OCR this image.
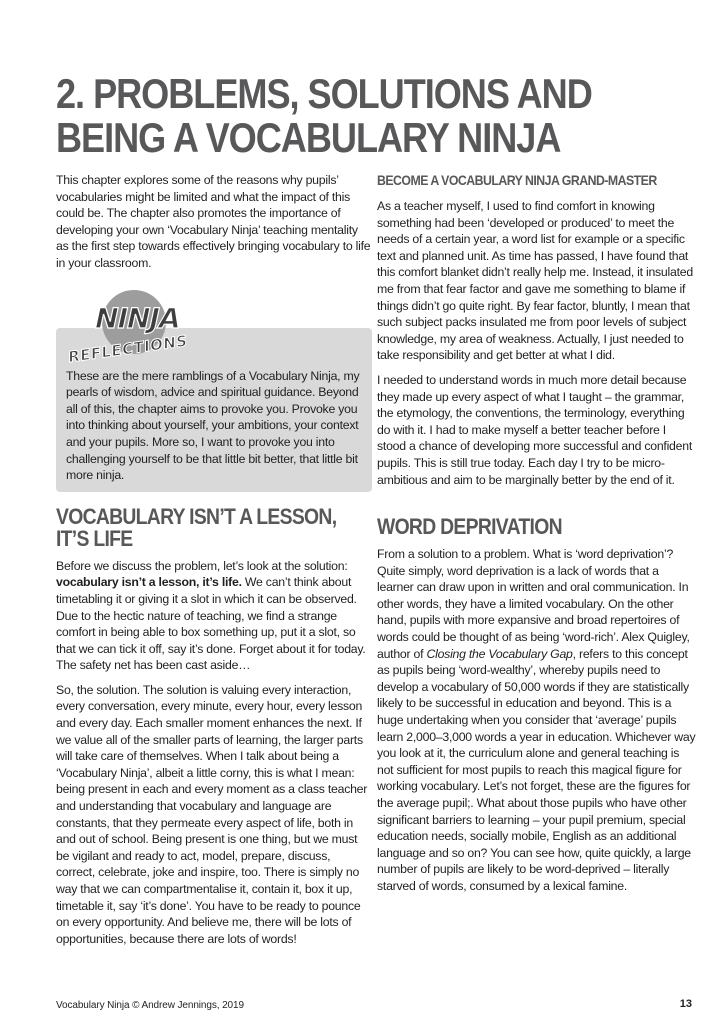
2. PROBLEMS, SOLUTIONS AND
BEING A VOCABULARY NINJA

This chapter explores some of the reasons why pupils’ vocabularies might be limited and what the impact of this could be. The chapter also promotes the importance of developing your own ‘Vocabulary Ninja’ teaching mentality as the first step towards effectively bringing vocabulary to life in your classroom.

NINJA
REFLECTIONS

These are the mere ramblings of a Vocabulary Ninja, my pearls of wisdom, advice and spiritual guidance. Beyond all of this, the chapter aims to provoke you. Provoke you into thinking about yourself, your ambitions, your context and your pupils. More so, I want to provoke you into challenging yourself to be that little bit better, that little bit more ninja.

VOCABULARY ISN’T A LESSON,
IT’S LIFE

Before we discuss the problem, let’s look at the solution: vocabulary isn’t a lesson, it’s life. We can’t think about timetabling it or giving it a slot in which it can be observed. Due to the hectic nature of teaching, we find a strange comfort in being able to box something up, put it a slot, so that we can tick it off, say it’s done. Forget about it for today. The safety net has been cast aside…

So, the solution. The solution is valuing every interaction, every conversation, every minute, every hour, every lesson and every day. Each smaller moment enhances the next. If we value all of the smaller parts of learning, the larger parts will take care of themselves. When I talk about being a ‘Vocabulary Ninja’, albeit a little corny, this is what I mean: being present in each and every moment as a class teacher and understanding that vocabulary and language are constants, that they permeate every aspect of life, both in and out of school. Being present is one thing, but we must be vigilant and ready to act, model, prepare, discuss, correct, celebrate, joke and inspire, too. There is simply no way that we can compartmentalise it, contain it, box it up, timetable it, say ‘it’s done’. You have to be ready to pounce on every opportunity. And believe me, there will be lots of opportunities, because there are lots of words!

BECOME A VOCABULARY NINJA GRAND-MASTER

As a teacher myself, I used to find comfort in knowing something had been ‘developed or produced’ to meet the needs of a certain year, a word list for example or a specific text and planned unit. As time has passed, I have found that this comfort blanket didn’t really help me. Instead, it insulated me from that fear factor and gave me something to blame if things didn’t go quite right. By fear factor, bluntly, I mean that such subject packs insulated me from poor levels of subject knowledge, my area of weakness. Actually, I just needed to take responsibility and get better at what I did.

I needed to understand words in much more detail because they made up every aspect of what I taught – the grammar, the etymology, the conventions, the terminology, everything do with it. I had to make myself a better teacher before I stood a chance of developing more successful and confident pupils. This is still true today. Each day I try to be micro-ambitious and aim to be marginally better by the end of it.

WORD DEPRIVATION

From a solution to a problem. What is ‘word deprivation’? Quite simply, word deprivation is a lack of words that a learner can draw upon in written and oral communication. In other words, they have a limited vocabulary. On the other hand, pupils with more expansive and broad repertoires of words could be thought of as being ‘word-rich’. Alex Quigley, author of Closing the Vocabulary Gap, refers to this concept as pupils being ‘word-wealthy’, whereby pupils need to develop a vocabulary of 50,000 words if they are statistically likely to be successful in education and beyond. This is a huge undertaking when you consider that ‘average’ pupils learn 2,000–3,000 words a year in education. Whichever way you look at it, the curriculum alone and general teaching is not sufficient for most pupils to reach this magical figure for working vocabulary. Let’s not forget, these are the figures for the average pupil;. What about those pupils who have other significant barriers to learning – your pupil premium, special education needs, socially mobile, English as an additional language and so on? You can see how, quite quickly, a large number of pupils are likely to be word-deprived – literally starved of words, consumed by a lexical famine.

Vocabulary Ninja © Andrew Jennings, 2019	13
